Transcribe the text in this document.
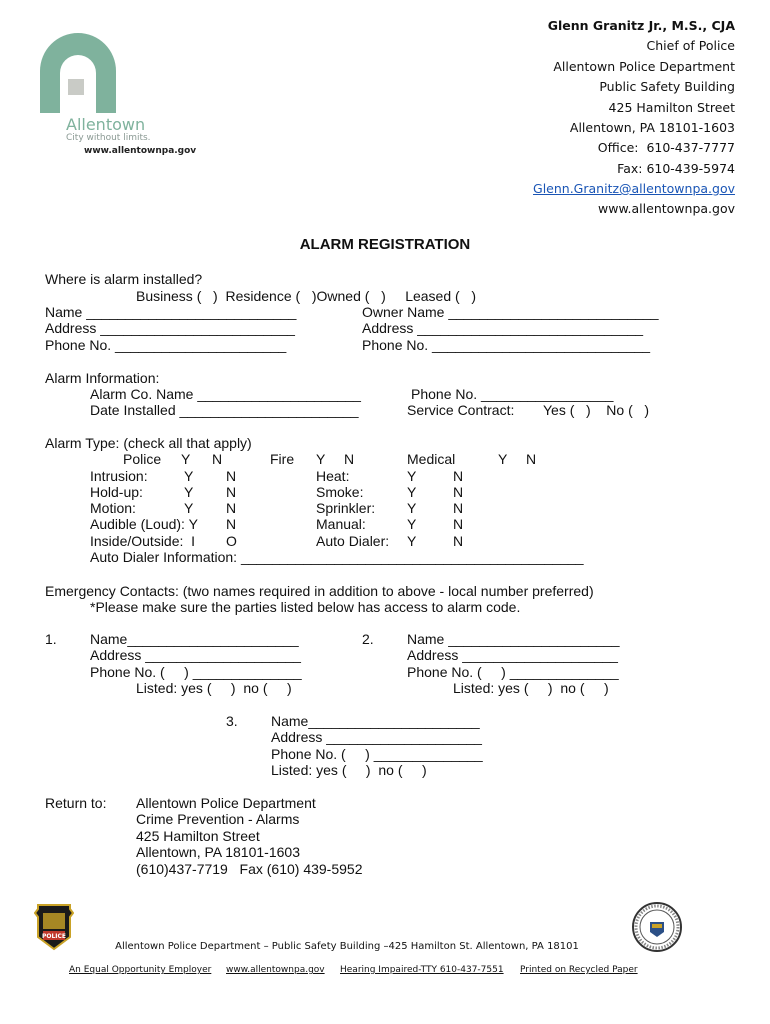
Allentown
City without limits.
www.allentownpa.gov
Glenn Granitz Jr., M.S., CJA
Chief of Police
Allentown Police Department
Public Safety Building
425 Hamilton Street
Allentown, PA 18101-1603
Office:  610-437-7777
Fax: 610-439-5974
Glenn.Granitz@allentownpa.gov
www.allentownpa.gov
ALARM REGISTRATION
Where is alarm installed?
Business (   )  Residence (   )Owned (   )     Leased (   )
Name ___________________________
Address _________________________
Phone No. ______________________
Owner Name ___________________________
Address _____________________________
Phone No. ____________________________
Alarm Information:
Alarm Co. Name _____________________
Date Installed _______________________
Phone No. _________________
Service Contract: Yes (   )    No (   )
Alarm Type: (check all that apply)
Police
Intrusion:
Hold-up:
Motion:
Audible (Loud): Y
Inside/Outside:  I
Y
Y
Y
Y
N
N
N
N
N
O
Fire Y N
Heat:
Smoke:
Sprinkler:
Manual:
Auto Dialer:
Medical	Y N
Y
Y
Y
Y
Y
N
N
N
N
N
Auto Dialer Information: ____________________________________________
Emergency Contacts: (two names required in addition to above - local number preferred)
*Please make sure the parties listed below has access to alarm code.
1. Name______________________
Address ____________________
Phone No. (     ) ______________
Listed: yes (     )  no (     )
2. Name ______________________
Address ____________________
Phone No. (     ) ______________
Listed: yes (     )  no (     )
3. Name______________________
Address ____________________
Phone No. (     ) ______________
Listed: yes (     )  no (     )
Return to: Allentown Police Department
Crime Prevention - Alarms
425 Hamilton Street
Allentown, PA 18101-1603
(610)437-7719   Fax (610) 439-5952
POLICE
Allentown Police Department – Public Safety Building –425 Hamilton St. Allentown, PA 18101
An Equal Opportunity Employer www.allentownpa.gov Hearing Impaired-TTY 610-437-7551 Printed on Recycled Paper
